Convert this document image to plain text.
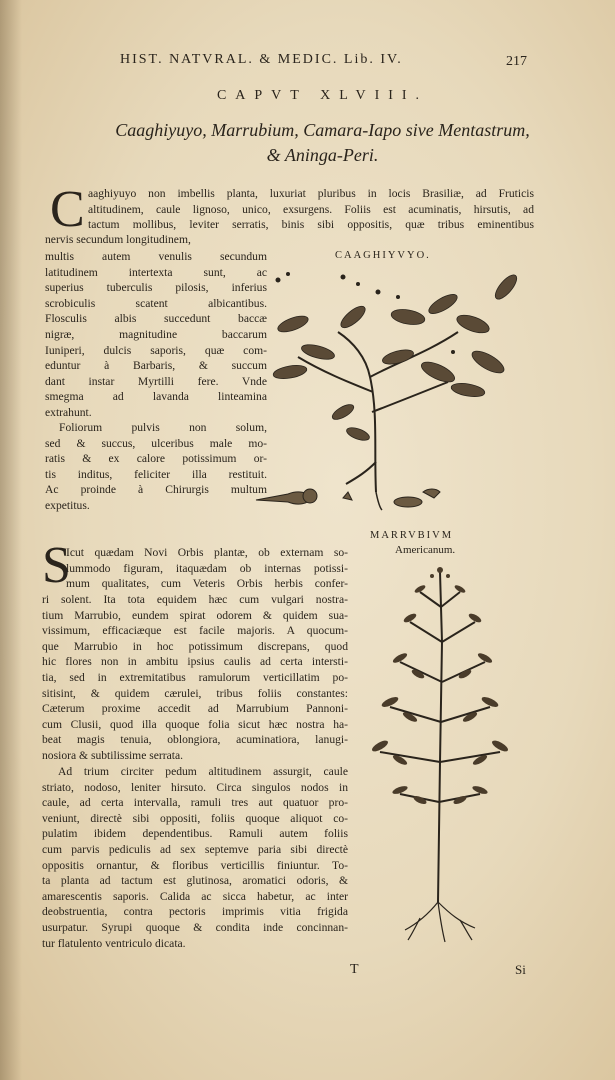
HIST. NATVRAL. & MEDIC. Lib. IV.	217
CAPVT XLVIII.
Caaghiyuyo, Marrubium, Camara-Iapo sive Mentastrum,
& Aninga-Peri.
C aaghiyuyo non imbellis planta, luxuriat pluribus in locis Brasiliæ, ad Fruticis
altitudinem, caule lignoso, unico, exsurgens. Foliis est acuminatis, hirsutis, ad
tactum mollibus, leviter serratis, binis sibi oppositis, quæ tribus eminentibus
nervis secundum longitudinem,
multis autem venulis secundum
latitudinem intertexta sunt, ac
superius tuberculis pilosis, inferius
scrobiculis scatent albicantibus.
Flosculis albis succedunt baccæ
nigræ, magnitudine baccarum
Iuniperi, dulcis saporis, quæ com-
eduntur à Barbaris, & succum
dant instar Myrtilli fere. Vnde
smegma ad lavanda linteamina
extrahunt.
Foliorum pulvis non solum,
sed & succus, ulceribus male mo-
ratis & ex calore potissimum or-
tis inditus, feliciter illa restituit.
Ac proinde à Chirurgis multum
expetitus.
CAAGHIYVYO.
S
Icut quædam Novi Orbis plantæ, ob externam so-
lummodo figuram, itaquædam ob internas potissi-
mum qualitates, cum Veteris Orbis herbis confer-
ri solent. Ita tota equidem hæc cum vulgari nostra-
tium Marrubio, eundem spirat odorem & quidem sua-
vissimum, efficaciæque est facile majoris. A quocum-
que Marrubio in hoc potissimum discrepans, quod
hic flores non in ambitu ipsius caulis ad certa intersti-
tia, sed in extremitatibus ramulorum verticillatim po-
sitisint, & quidem cærulei, tribus foliis constantes:
Cæterum proxime accedit ad Marrubium Pannoni-
cum Clusii, quod illa quoque folia sicut hæc nostra ha-
beat magis tenuia, oblongiora, acuminatiora, lanugi-
nosiora & subtilissime serrata.
Ad trium circiter pedum altitudinem assurgit, caule
striato, nodoso, leniter hirsuto. Circa singulos nodos in
caule, ad certa intervalla, ramuli tres aut quatuor pro-
veniunt, directè sibi oppositi, foliis quoque aliquot co-
pulatim ibidem dependentibus. Ramuli autem foliis
cum parvis pediculis ad sex septemve paria sibi directè
oppositis ornantur, & floribus verticillis finiuntur. To-
ta planta ad tactum est glutinosa, aromatici odoris, &
amarescentis saporis. Calida ac sicca habetur, ac inter
deobstruentia, contra pectoris imprimis vitia frigida
usurpatur. Syrupi quoque & condita inde concinnan-
tur flatulento ventriculo dicata.
MARRVBIVM
Americanum.
T	Si
